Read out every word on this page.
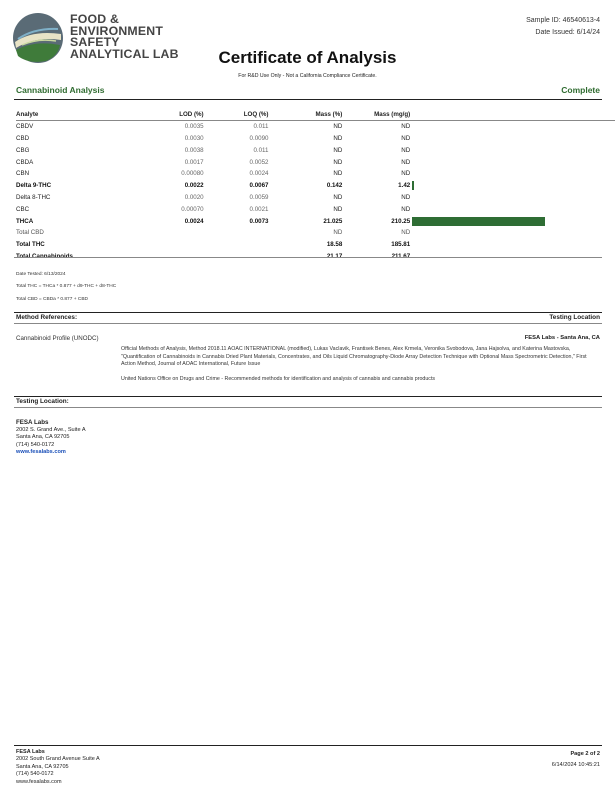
FOOD &
ENVIRONMENT
SAFETY
ANALYTICAL LAB
Sample ID: 46540613-4
Date Issued: 6/14/24
Certificate of Analysis
For R&D Use Only - Not a California Compliance Certificate.
Cannabinoid Analysis	Complete
Analyte	LOD (%)	LOQ (%)	Mass (%)	Mass (mg/g)	
CBDV	0.0035	0.011	ND	ND	
CBD	0.0030	0.0090	ND	ND	
CBG	0.0038	0.011	ND	ND	
CBDA	0.0017	0.0052	ND	ND	
CBN	0.00080	0.0024	ND	ND	
Delta 9-THC	0.0022	0.0067	0.142	1.42	

Delta 8-THC	0.0020	0.0059	ND	ND	
CBC	0.00070	0.0021	ND	ND	
THCA	0.0024	0.0073	21.025	210.25	

Total CBD			ND	ND	
Total THC			18.58	185.81	
Total Cannabinoids			21.17	211.67	
Date Tested: 6/13/2024
Total THC = THCa * 0.877 + d9-THC + d8-THC
Total CBD = CBDa * 0.877 + CBD
Method References:	Testing Location
Cannabinoid Profile (UNODC)	FESA Labs - Santa Ana, CA
Official Methods of Analysis, Method 2018.11 AOAC INTERNATIONAL (modified), Lukas Vaclavik, Frantisek Benes, Alex Krmela, Veronika Svobodova, Jana Hajsolva, and Katerina Mastovska, "Quantification of Cannabinoids in Cannabis Dried Plant Materials, Concentrates, and Oils Liquid Chromatography-Diode Array Detection Technique with Optional Mass Spectrometric Detection," First Action Method, Journal of AOAC International, Future Issue
United Nations Office on Drugs and Crime - Recommended methods for identification and analysis of cannabis and cannabis products
Testing Location:
FESA Labs
2002 S. Grand Ave., Suite A
Santa Ana, CA 92705
(714) 540-0172
www.fesalabs.com
FESA Labs
2002 South Grand Avenue Suite A
Santa Ana, CA 92705
(714) 540-0172
www.fesalabs.com
Page 2 of 2
6/14/2024 10:45:21
